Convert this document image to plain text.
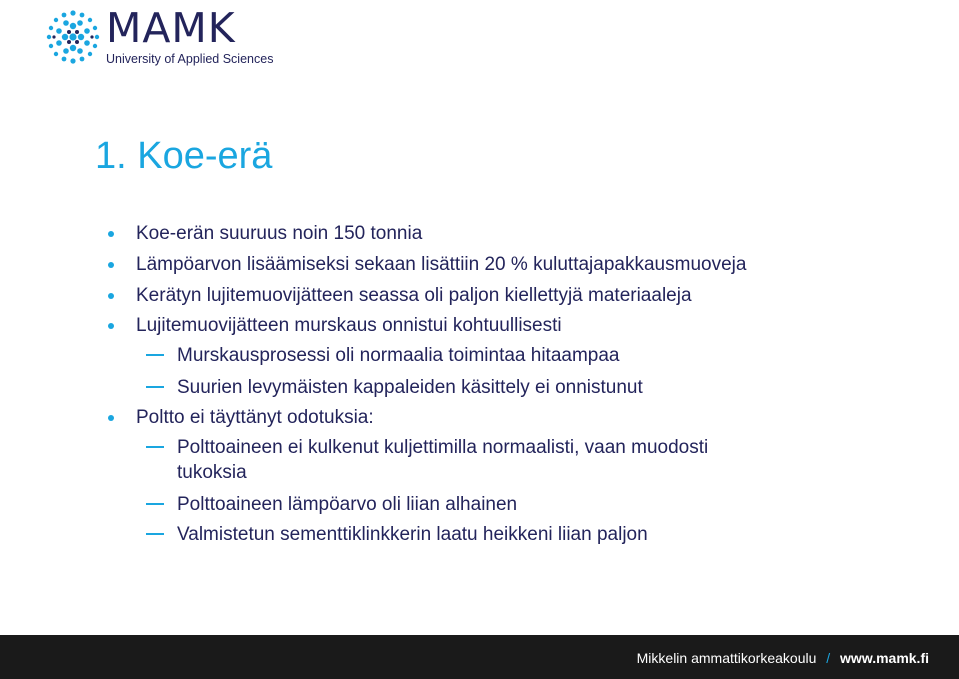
MAMK
University of Applied Sciences
1. Koe-erä
Koe-erän suuruus noin 150 tonnia
Lämpöarvon lisäämiseksi sekaan lisättiin 20 % kuluttajapakkausmuoveja
Kerätyn lujitemuovijätteen seassa oli paljon kiellettyjä materiaaleja
Lujitemuovijätteen murskaus onnistui kohtuullisesti
Murskausprosessi oli normaalia toimintaa hitaampaa
Suurien levymäisten kappaleiden käsittely ei onnistunut
Poltto ei täyttänyt odotuksia:
Polttoaineen ei kulkenut kuljettimilla normaalisti, vaan muodosti
tukoksia
Polttoaineen lämpöarvo oli liian alhainen
Valmistetun sementtiklinkkerin laatu heikkeni liian paljon
Mikkelin ammattikorkeakoulu / www.mamk.fi
